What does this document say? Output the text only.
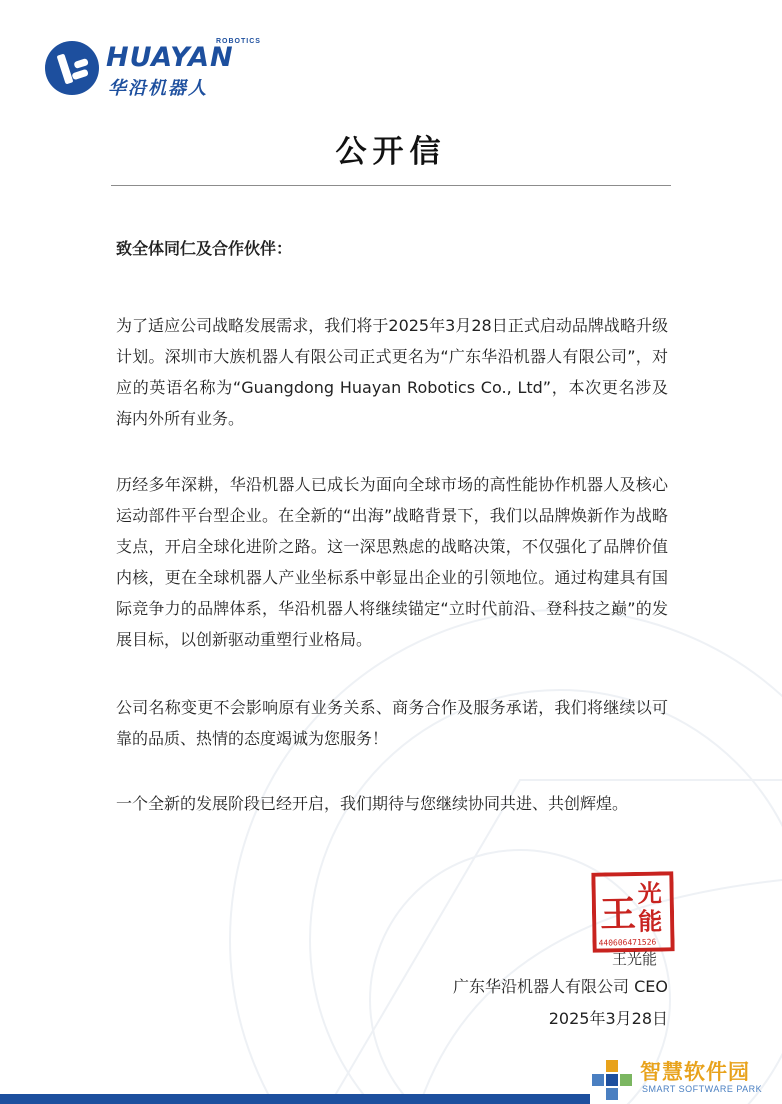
HUAYAN
ROBOTICS
华沿机器人
公开信
致全体同仁及合作伙伴：

为了适应公司战略发展需求，我们将于2025年3月28日正式启动品牌战略升级计划。深圳市大族机器人有限公司正式更名为“广东华沿机器人有限公司”，对应的英语名称为“Guangdong Huayan Robotics Co., Ltd”，本次更名涉及海内外所有业务。

历经多年深耕，华沿机器人已成长为面向全球市场的高性能协作机器人及核心运动部件平台型企业。在全新的“出海”战略背景下，我们以品牌焕新作为战略支点，开启全球化进阶之路。这一深思熟虑的战略决策，不仅强化了品牌价值内核，更在全球机器人产业坐标系中彰显出企业的引领地位。通过构建具有国际竞争力的品牌体系，华沿机器人将继续锚定“立时代前沿、登科技之巅”的发展目标，以创新驱动重塑行业格局。

公司名称变更不会影响原有业务关系、商务合作及服务承诺，我们将继续以可靠的品质、热情的态度竭诚为您服务！

一个全新的发展阶段已经开启，我们期待与您继续协同共进、共创辉煌。

王 光
能
440606471526
王光能
广东华沿机器人有限公司 CEO
2025年3月28日
智慧软件园
SMART SOFTWARE PARK
